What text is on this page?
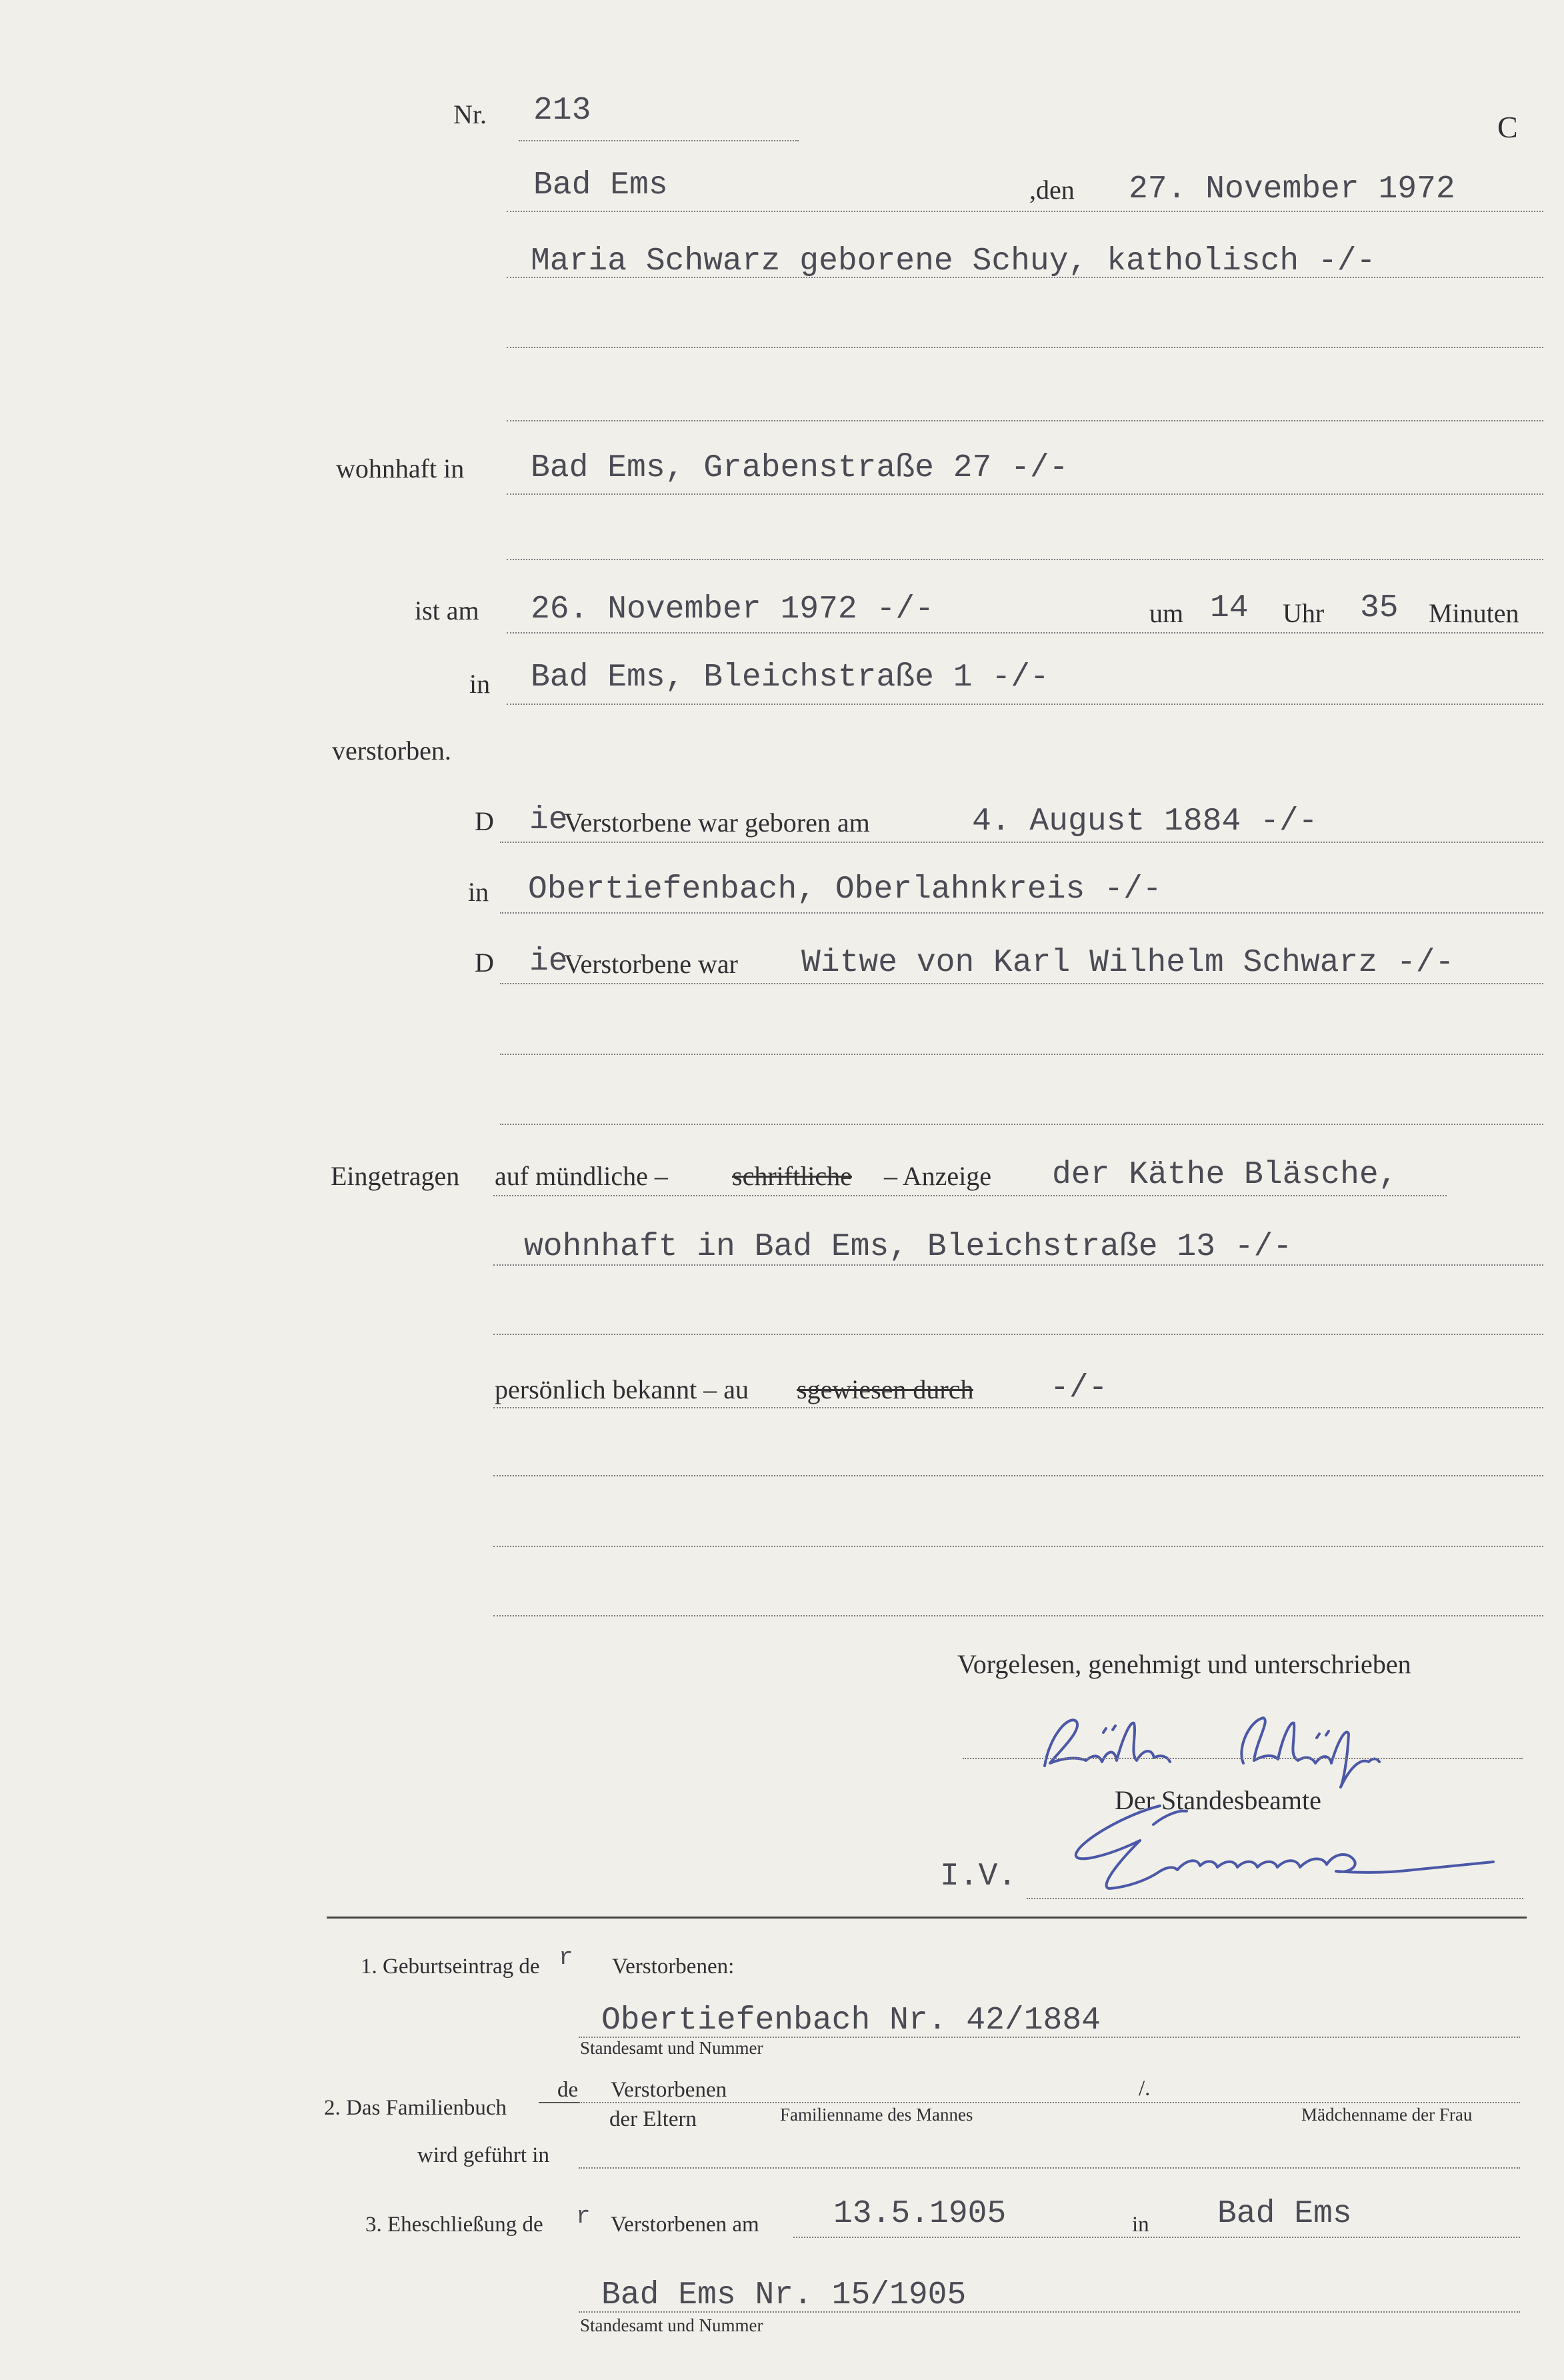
Nr. 213	C
Bad Ems	,den 27. November 1972
Maria Schwarz geborene Schuy, katholisch -/-
wohnhaft in Bad Ems, Grabenstraße 27 -/-
ist am 26. November 1972 -/-	um 14 Uhr 35 Minuten
in Bad Ems, Bleichstraße 1 -/-
verstorben.
D ie
Verstorbene war geboren am	4. August 1884 -/-
in Obertiefenbach, Oberlahnkreis -/-
D ie
Verstorbene war Witwe von Karl Wilhelm Schwarz -/-
Eingetragen auf mündliche – schriftliche – Anzeige der Käthe Bläsche,
wohnhaft in Bad Ems, Bleichstraße 13 -/-
persönlich bekannt – au sgewiesen durch -/-
Vorgelesen, genehmigt und unterschrieben
Käthe Bläsche
Der Standesbeamte
I.V.
Gemmer
1. Geburtseintrag de r Verstorbenen:
Obertiefenbach Nr. 42/1884
Standesamt und Nummer
de Verstorbenen	/.
2. Das Familienbuch	der Eltern	Familienname des Mannes	Mädchenname der Frau
wird geführt in
3. Eheschließung de r Verstorbenen am 13.5.1905	in Bad Ems
Bad Ems Nr. 15/1905
Standesamt und Nummer
